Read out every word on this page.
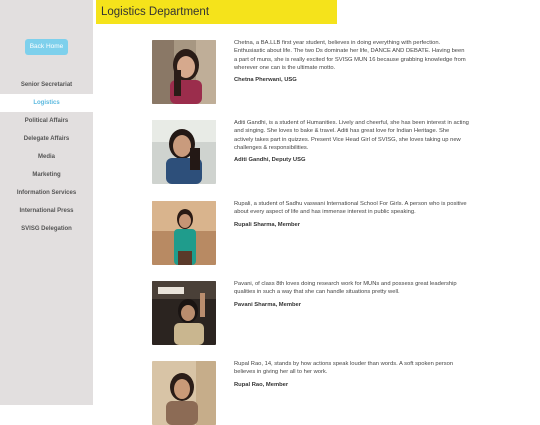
Back Home
Senior Secretariat
Logistics
Political Affairs
Delegate Affairs
Media
Marketing
Information Services
International Press
SVISG Delegation
Logistics Department

Chetna, a BA.LLB first year student, believes in doing everything with perfection. Enthusiastic about life. The two Ds dominate her life, DANCE AND DEBATE. Having been a part of muns, she is really excited for SVISG MUN 16 because grabbing knowledge from wherever one can is the ultimate motto.

Chetna Pherwani, USG

Aditi Gandhi, is a student of Humanities. Lively and cheerful, she has been interest in acting and singing. She loves to bake & travel. Aditi has great love for Indian Heritage. She actively takes part in quizzes. Present Vice Head Girl of SVISG, she loves taking up new challenges & responsibilities.

Aditi Gandhi, Deputy USG

Rupali, a student of Sadhu vaswani International School For Girls. A person who is positive about every aspect of life and has immense interest in public speaking.

Rupali Sharma, Member

Pavani, of class 8th loves doing research work for MUNs and possess great leadership qualities in such a way that she can handle situations pretty well.

Pavani Sharma, Member

Rupal Rao, 14, stands by how actions speak louder than words. A soft spoken person believes in giving her all to her work.

Rupal Rao, Member
